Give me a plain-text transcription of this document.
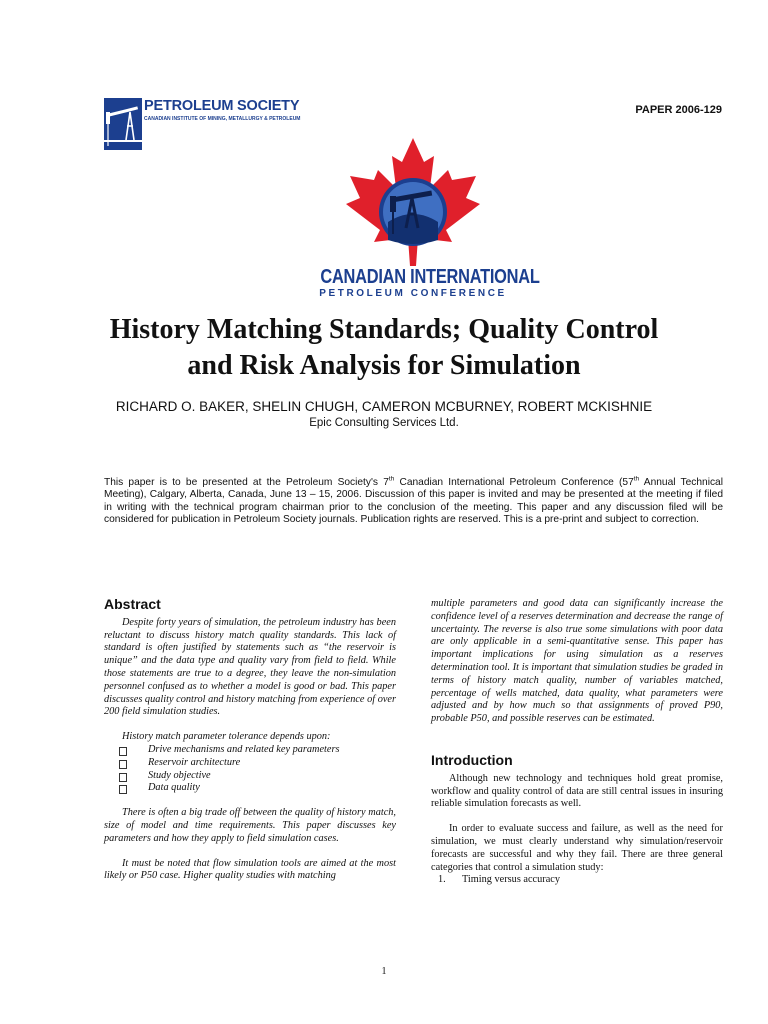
PETROLEUM SOCIETY
CANADIAN INSTITUTE OF MINING, METALLURGY & PETROLEUM
PAPER 2006-129
CANADIAN INTERNATIONAL
PETROLEUM CONFERENCE
History Matching Standards; Quality Control
and Risk Analysis for Simulation
RICHARD O. BAKER, SHELIN CHUGH, CAMERON MCBURNEY, ROBERT MCKISHNIE
Epic Consulting Services Ltd.
This paper is to be presented at the Petroleum Society's 7th Canadian International Petroleum Conference (57th Annual Technical Meeting), Calgary, Alberta, Canada, June 13 – 15, 2006. Discussion of this paper is invited and may be presented at the meeting if filed in writing with the technical program chairman prior to the conclusion of the meeting. This paper and any discussion filed will be considered for publication in Petroleum Society journals. Publication rights are reserved. This is a pre-print and subject to correction.
Abstract

Despite forty years of simulation, the petroleum industry has been reluctant to discuss history match quality standards. This lack of standard is often justified by statements such as “the reservoir is unique” and the data type and quality vary from field to field. While those statements are true to a degree, they leave the non-simulation personnel confused as to whether a model is good or bad. This paper discusses quality control and history matching from experience of over 200 field simulation studies.

History match parameter tolerance depends upon:

Drive mechanisms and related key parameters
Reservoir architecture
Study objective
Data quality

There is often a big trade off between the quality of history match, size of model and time requirements. This paper discusses key parameters and how they apply to field simulation cases.

It must be noted that flow simulation tools are aimed at the most likely or P50 case. Higher quality studies with matching

multiple parameters and good data can significantly increase the confidence level of a reserves determination and decrease the range of uncertainty. The reverse is also true some simulations with poor data are only applicable in a semi-quantitative sense. This paper has important implications for using simulation as a reserves determination tool. It is important that simulation studies be graded in terms of history match quality, number of variables matched, percentage of wells matched, data quality, what parameters were adjusted and by how much so that assignments of proved P90, probable P50, and possible reserves can be estimated.

Introduction

Although new technology and techniques hold great promise, workflow and quality control of data are still central issues in insuring reliable simulation forecasts as well.

In order to evaluate success and failure, as well as the need for simulation, we must clearly understand why simulation/reservoir forecasts are successful and why they fail. There are three general categories that control a simulation study:

1. Timing versus accuracy
1
